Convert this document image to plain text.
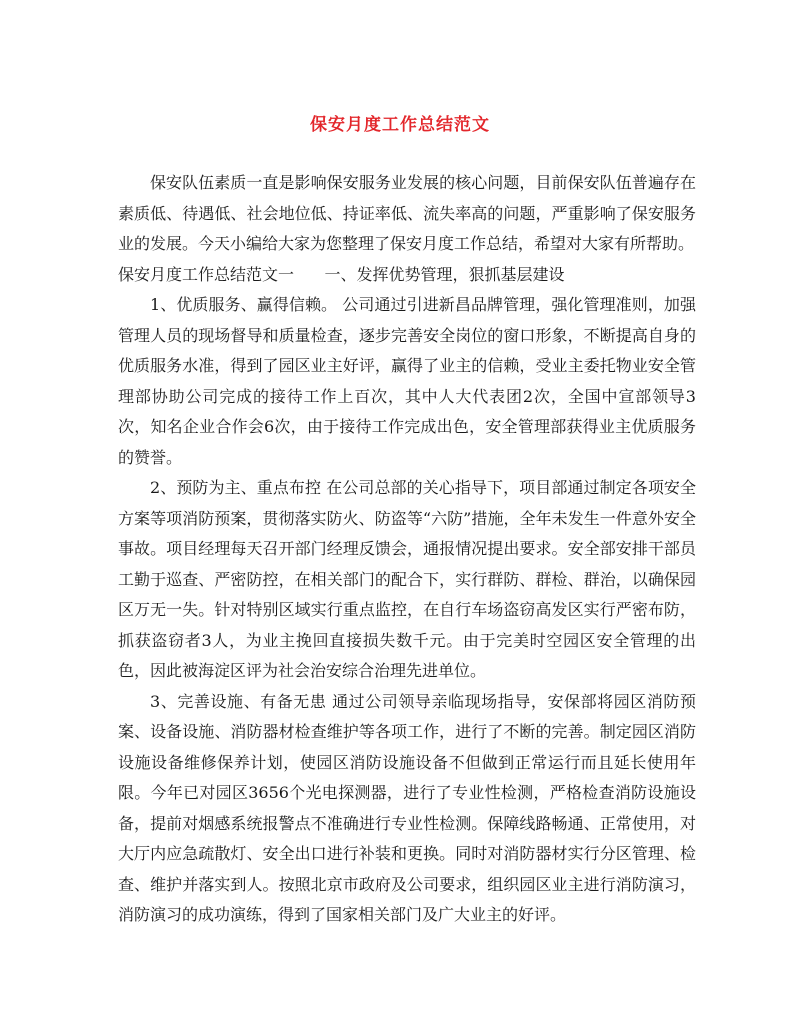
保安月度工作总结范文

保安队伍素质一直是影响保安服务业发展的核心问题，目前保安队伍普遍存在素质低、待遇低、社会地位低、持证率低、流失率高的问题，严重影响了保安服务业的发展。今天小编给大家为您整理了保安月度工作总结，希望对大家有所帮助。

保安月度工作总结范文一 一、发挥优势管理，狠抓基层建设

1、优质服务、赢得信赖。 公司通过引进新昌品牌管理，强化管理准则，加强管理人员的现场督导和质量检查，逐步完善安全岗位的窗口形象，不断提高自身的优质服务水准，得到了园区业主好评，赢得了业主的信赖，受业主委托物业安全管理部协助公司完成的接待工作上百次，其中人大代表团2次，全国中宣部领导3次，知名企业合作会6次，由于接待工作完成出色，安全管理部获得业主优质服务的赞誉。

2、预防为主、重点布控 在公司总部的关心指导下，项目部通过制定各项安全方案等项消防预案，贯彻落实防火、防盗等“六防”措施，全年未发生一件意外安全事故。项目经理每天召开部门经理反馈会，通报情况提出要求。安全部安排干部员工勤于巡查、严密防控，在相关部门的配合下，实行群防、群检、群治，以确保园区万无一失。针对特别区域实行重点监控，在自行车场盗窃高发区实行严密布防，抓获盗窃者3人，为业主挽回直接损失数千元。由于完美时空园区安全管理的出色，因此被海淀区评为社会治安综合治理先进单位。

3、完善设施、有备无患 通过公司领导亲临现场指导，安保部将园区消防预案、设备设施、消防器材检查维护等各项工作，进行了不断的完善。制定园区消防设施设备维修保养计划，使园区消防设施设备不但做到正常运行而且延长使用年限。今年已对园区3656个光电探测器，进行了专业性检测，严格检查消防设施设备，提前对烟感系统报警点不准确进行专业性检测。保障线路畅通、正常使用，对大厅内应急疏散灯、安全出口进行补装和更换。同时对消防器材实行分区管理、检查、维护并落实到人。按照北京市政府及公司要求，组织园区业主进行消防演习，消防演习的成功演练，得到了国家相关部门及广大业主的好评。
